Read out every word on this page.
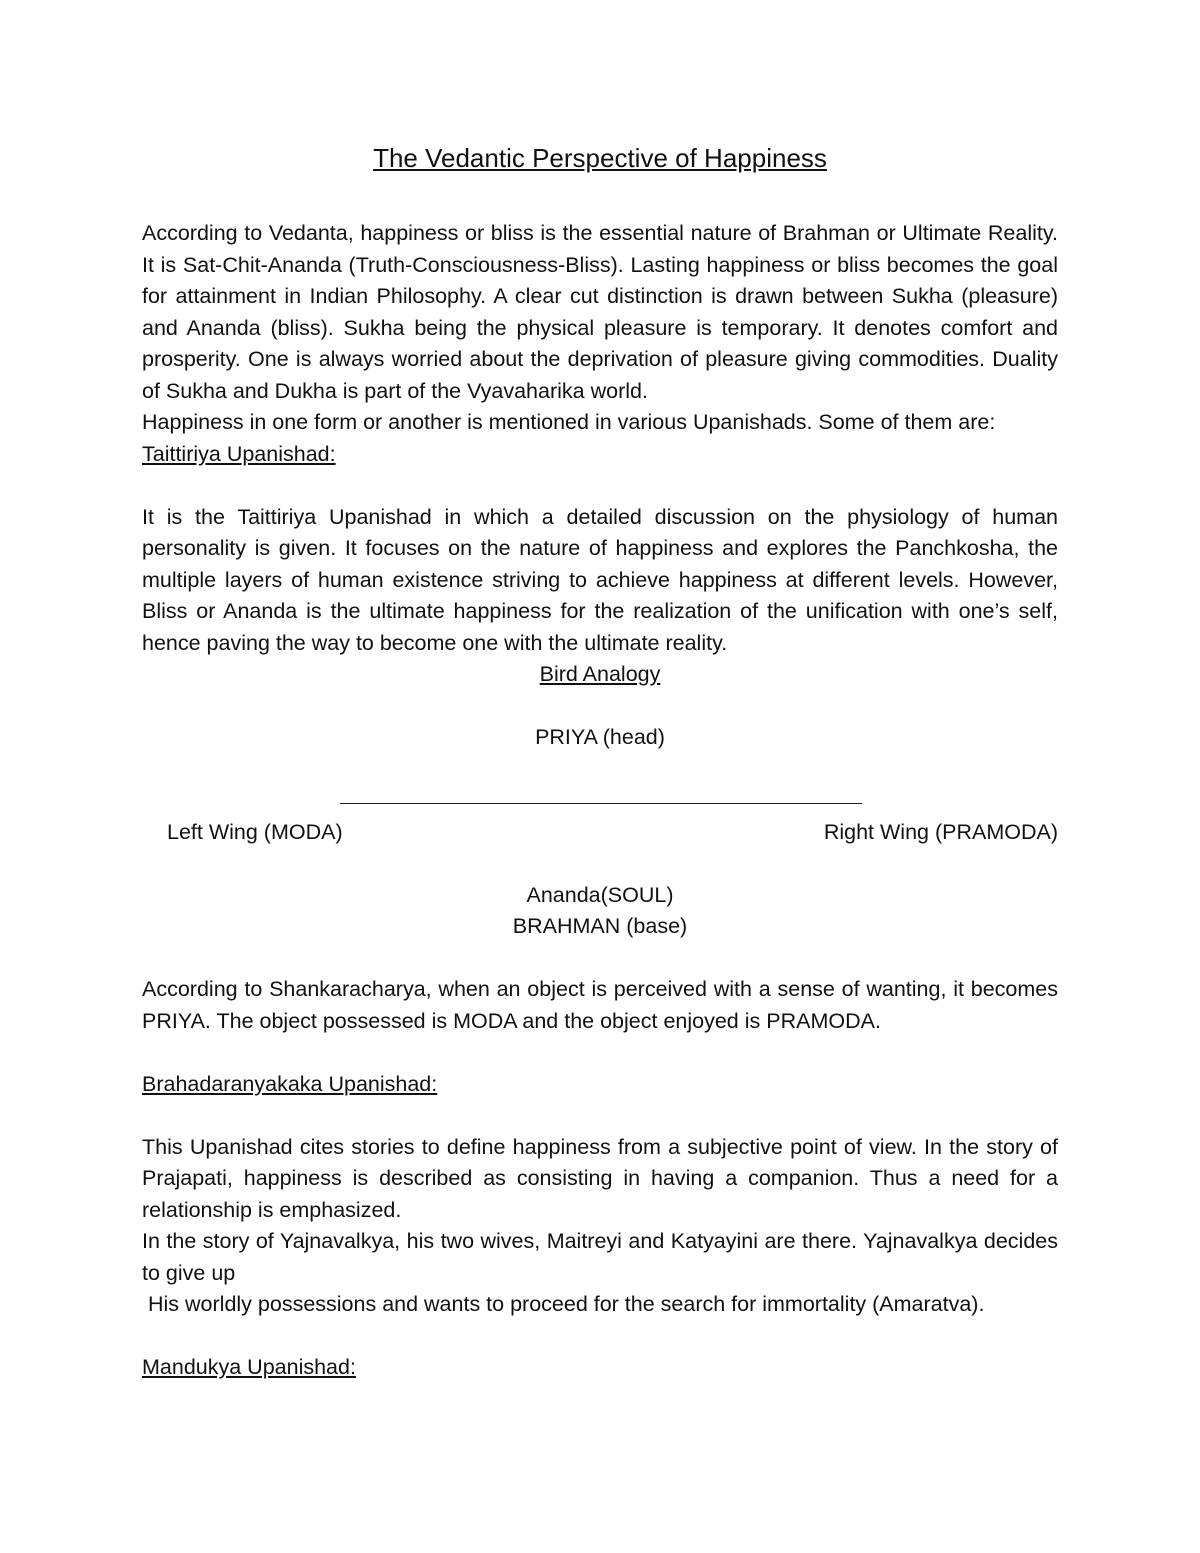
The Vedantic Perspective of Happiness

According to Vedanta, happiness or bliss is the essential nature of Brahman or Ultimate Reality. It is Sat-Chit-Ananda (Truth-Consciousness-Bliss). Lasting happiness or bliss becomes the goal for attainment in Indian Philosophy. A clear cut distinction is drawn between Sukha (pleasure) and Ananda (bliss). Sukha being the physical pleasure is temporary. It denotes comfort and prosperity. One is always worried about the deprivation of pleasure giving commodities. Duality of Sukha and Dukha is part of the Vyavaharika world.

Happiness in one form or another is mentioned in various Upanishads. Some of them are:

Taittiriya Upanishad:

It is the Taittiriya Upanishad in which a detailed discussion on the physiology of human personality is given. It focuses on the nature of happiness and explores the Panchkosha, the multiple layers of human existence striving to achieve happiness at different levels. However, Bliss or Ananda is the ultimate happiness for the realization of the unification with one’s self, hence paving the way to become one with the ultimate reality.

Bird Analogy

PRIYA (head)

Left Wing (MODA)	Right Wing (PRAMODA)

Ananda(SOUL)

BRAHMAN (base)

According to Shankaracharya, when an object is perceived with a sense of wanting, it becomes PRIYA. The object possessed is MODA and the object enjoyed is PRAMODA.

Brahadaranyakaka Upanishad:

This Upanishad cites stories to define happiness from a subjective point of view. In the story of Prajapati, happiness is described as consisting in having a companion. Thus a need for a relationship is emphasized.

In the story of Yajnavalkya, his two wives, Maitreyi and Katyayini are there. Yajnavalkya decides to give up

His worldly possessions and wants to proceed for the search for immortality (Amaratva).

Mandukya Upanishad:
